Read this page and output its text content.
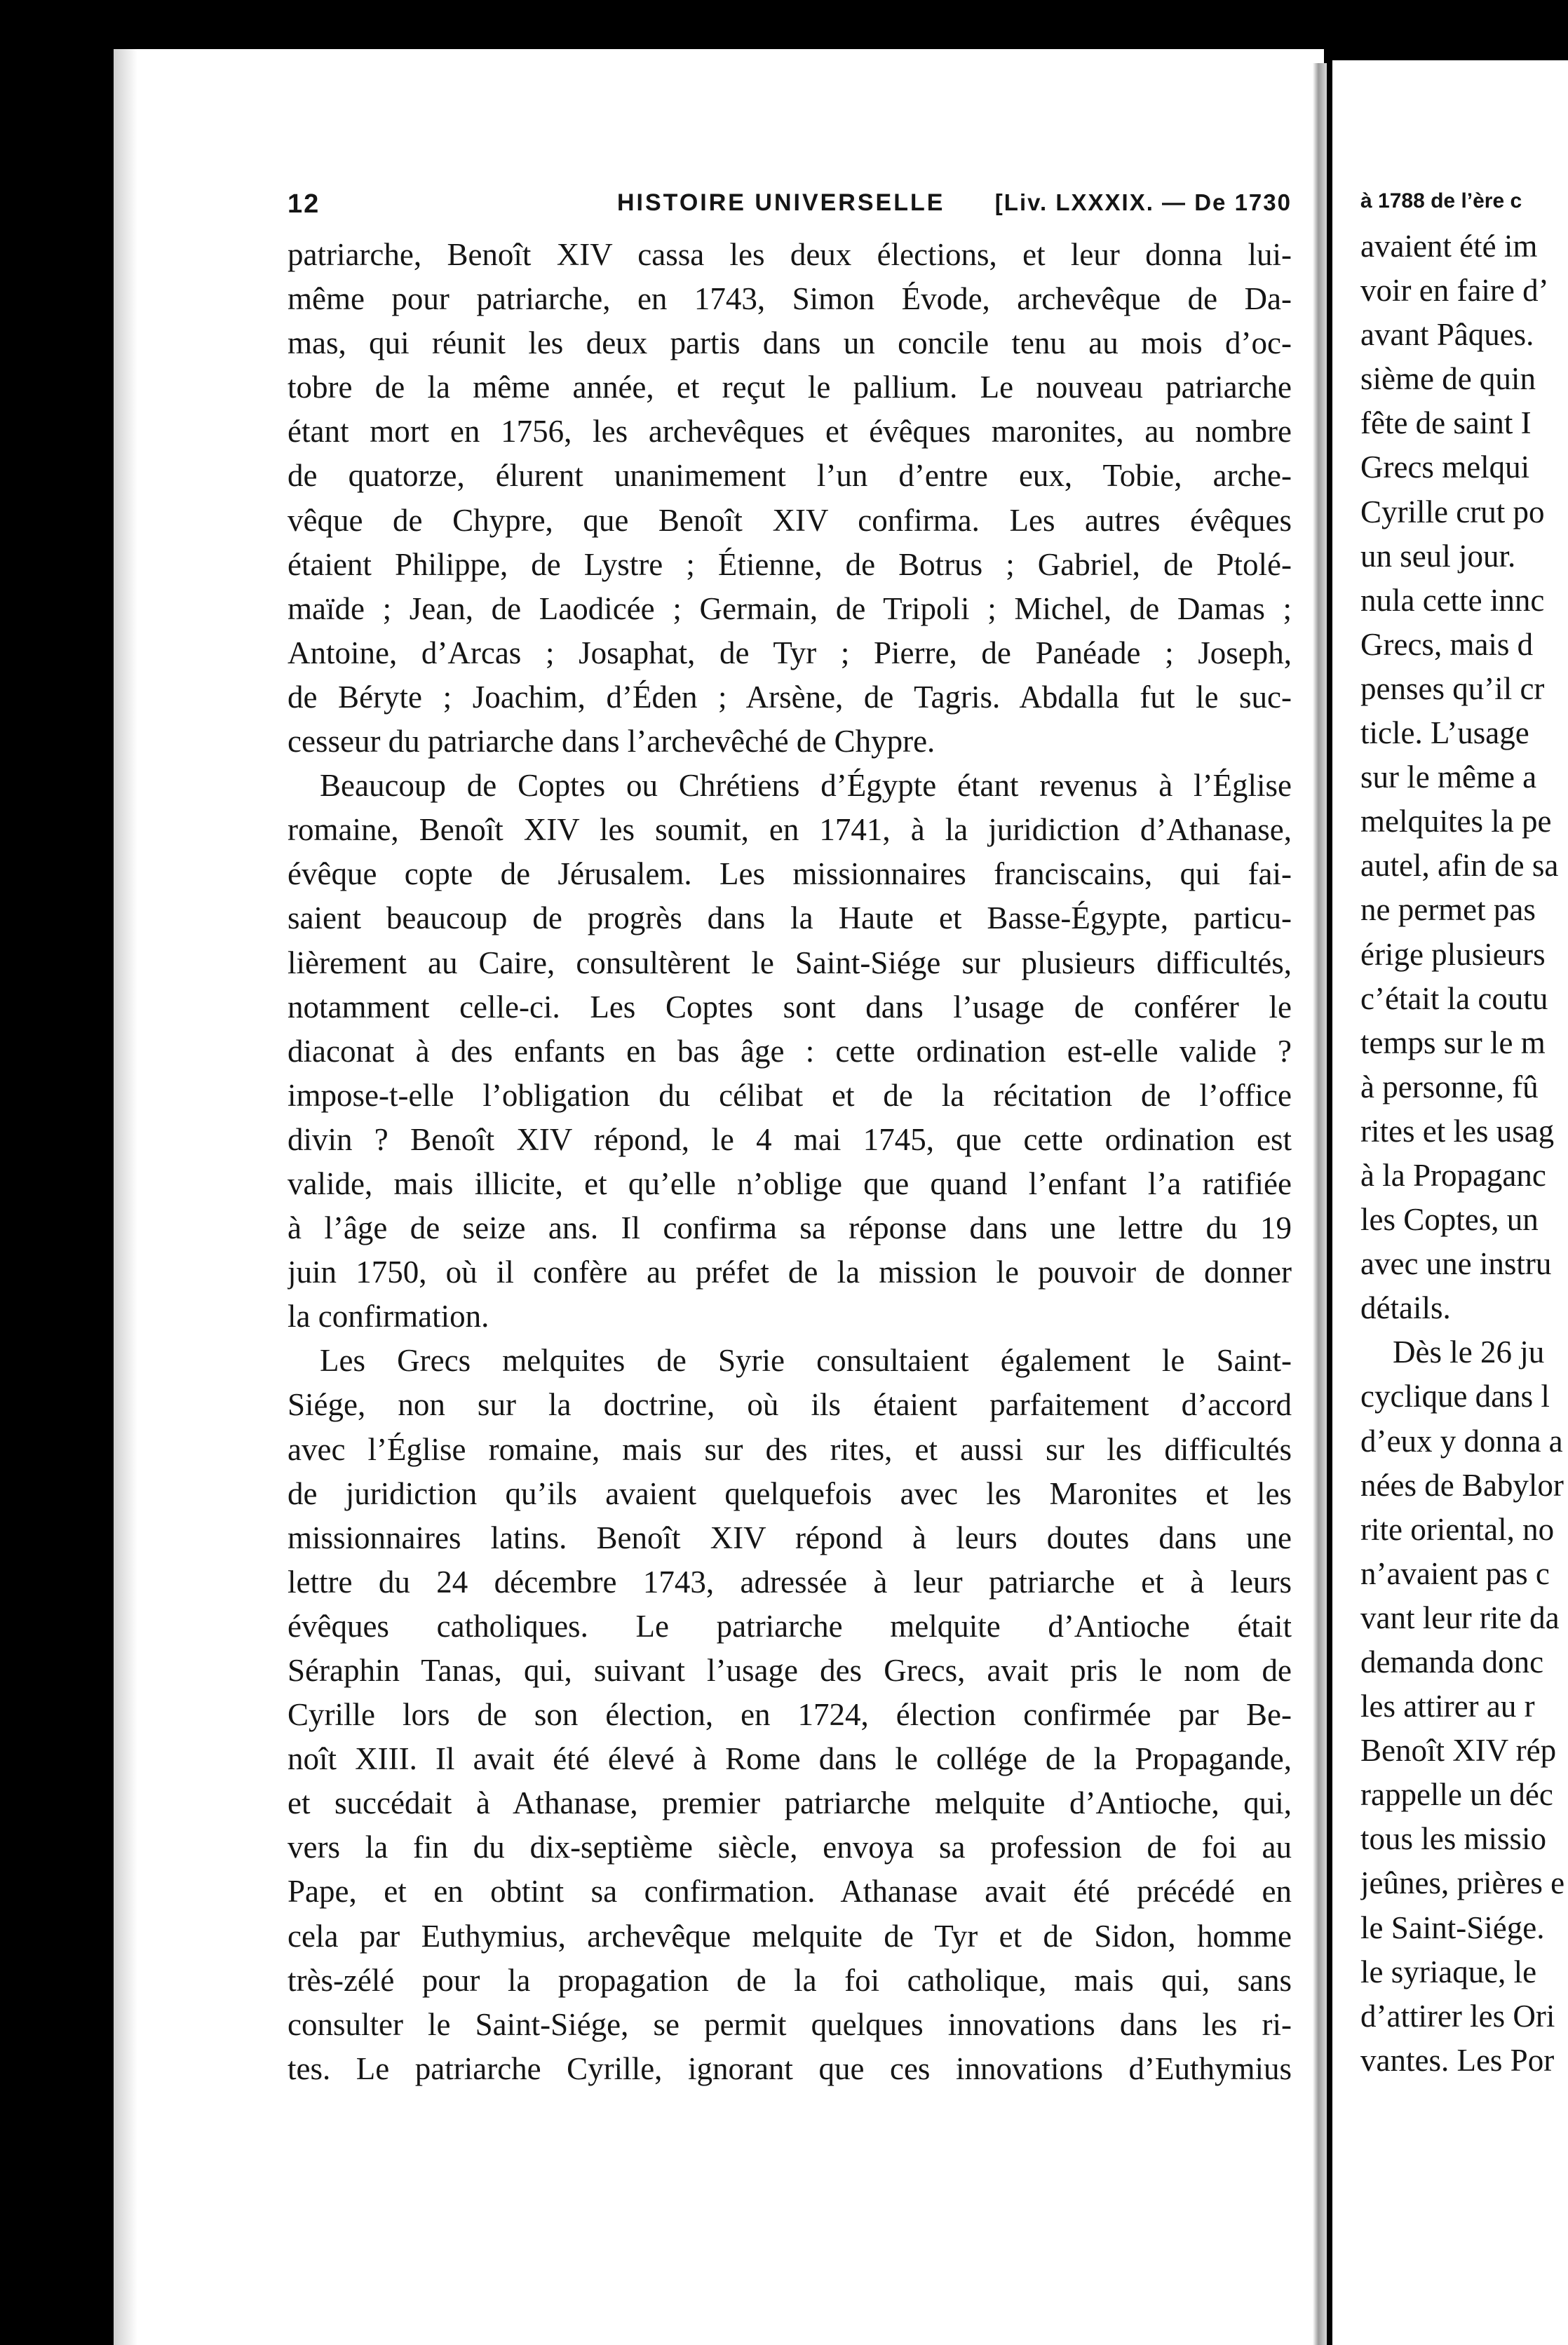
12	HISTOIRE UNIVERSELLE [Liv. LXXXIX. — De 1730
patriarche, Benoît XIV cassa les deux élections, et leur donna lui-
même pour patriarche, en 1743, Simon Évode, archevêque de Da-
mas, qui réunit les deux partis dans un concile tenu au mois d’oc-
tobre de la même année, et reçut le pallium. Le nouveau patriarche
étant mort en 1756, les archevêques et évêques maronites, au nombre
de quatorze, élurent unanimement l’un d’entre eux, Tobie, arche-
vêque de Chypre, que Benoît XIV confirma. Les autres évêques
étaient Philippe, de Lystre ; Étienne, de Botrus ; Gabriel, de Ptolé-
maïde ; Jean, de Laodicée ; Germain, de Tripoli ; Michel, de Damas ;
Antoine, d’Arcas ; Josaphat, de Tyr ; Pierre, de Panéade ; Joseph,
de Béryte ; Joachim, d’Éden ; Arsène, de Tagris. Abdalla fut le suc-
cesseur du patriarche dans l’archevêché de Chypre.
Beaucoup de Coptes ou Chrétiens d’Égypte étant revenus à l’Église
romaine, Benoît XIV les soumit, en 1741, à la juridiction d’Athanase,
évêque copte de Jérusalem. Les missionnaires franciscains, qui fai-
saient beaucoup de progrès dans la Haute et Basse-Égypte, particu-
lièrement au Caire, consultèrent le Saint-Siége sur plusieurs difficultés,
notamment celle-ci. Les Coptes sont dans l’usage de conférer le
diaconat à des enfants en bas âge : cette ordination est-elle valide ?
impose-t-elle l’obligation du célibat et de la récitation de l’office
divin ? Benoît XIV répond, le 4 mai 1745, que cette ordination est
valide, mais illicite, et qu’elle n’oblige que quand l’enfant l’a ratifiée
à l’âge de seize ans. Il confirma sa réponse dans une lettre du 19
juin 1750, où il confère au préfet de la mission le pouvoir de donner
la confirmation.
Les Grecs melquites de Syrie consultaient également le Saint-
Siége, non sur la doctrine, où ils étaient parfaitement d’accord
avec l’Église romaine, mais sur des rites, et aussi sur les difficultés
de juridiction qu’ils avaient quelquefois avec les Maronites et les
missionnaires latins. Benoît XIV répond à leurs doutes dans une
lettre du 24 décembre 1743, adressée à leur patriarche et à leurs
évêques catholiques. Le patriarche melquite d’Antioche était
Séraphin Tanas, qui, suivant l’usage des Grecs, avait pris le nom de
Cyrille lors de son élection, en 1724, élection confirmée par Be-
noît XIII. Il avait été élevé à Rome dans le collége de la Propagande,
et succédait à Athanase, premier patriarche melquite d’Antioche, qui,
vers la fin du dix-septième siècle, envoya sa profession de foi au
Pape, et en obtint sa confirmation. Athanase avait été précédé en
cela par Euthymius, archevêque melquite de Tyr et de Sidon, homme
très-zélé pour la propagation de la foi catholique, mais qui, sans
consulter le Saint-Siége, se permit quelques innovations dans les ri-
tes. Le patriarche Cyrille, ignorant que ces innovations d’Euthymius
à 1788 de l’ère c
avaient été im
voir en faire d’
avant Pâques.
sième de quin
fête de saint I
Grecs melqui
Cyrille crut po
un seul jour.
nula cette innc
Grecs, mais d
penses qu’il cr
ticle. L’usage
sur le même a
melquites la pe
autel, afin de sa
ne permet pas
érige plusieurs
c’était la coutu
temps sur le m
à personne, fû
rites et les usag
à la Propaganc
les Coptes, un
avec une instru
détails.
Dès le 26 ju
cyclique dans l
d’eux y donna a
nées de Babylor
rite oriental, no
n’avaient pas c
vant leur rite da
demanda donc
les attirer au r
Benoît XIV rép
rappelle un déc
tous les missio
jeûnes, prières e
le Saint-Siége.
le syriaque, le
d’attirer les Ori
vantes. Les Por
